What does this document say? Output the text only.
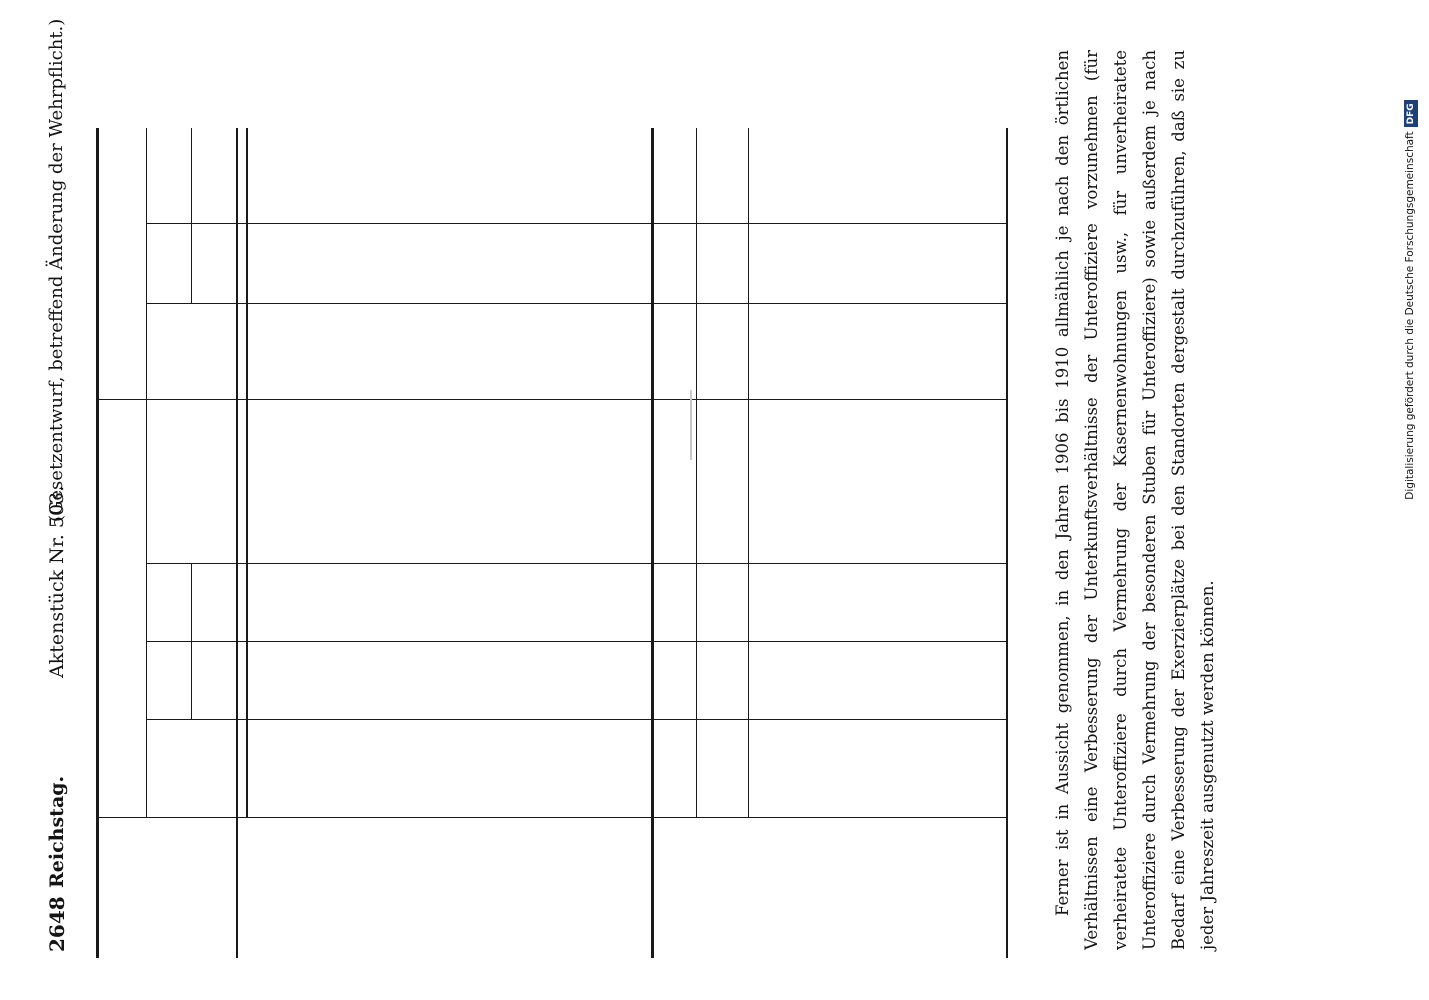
2648
Reichstag.
Aktenstück Nr. 503.
(Gesetzentwurf, betreffend Änderung der Wehrpflicht.)	Ferner ist in Aussicht genommen, in den Jahren 1906 bis 1910 allmählich je nach den örtlichen Verhältnissen eine Verbesserung der Unterkunftsverhältnisse der Unteroffiziere vorzunehmen (für verheiratete Unteroffiziere durch Vermehrung der Kasernenwohnungen usw., für unverheiratete Unteroffiziere durch Vermehrung der besonderen Stuben für Unteroffiziere) sowie außerdem je nach Bedarf eine Verbesserung der Exerzierplätze bei den Standorten dergestalt durchzuführen, daß sie zu jeder Jahreszeit ausgenutzt werden können.

Digitalisierung gefördert durch die Deutsche ForschungsgemeinschaftDFG
